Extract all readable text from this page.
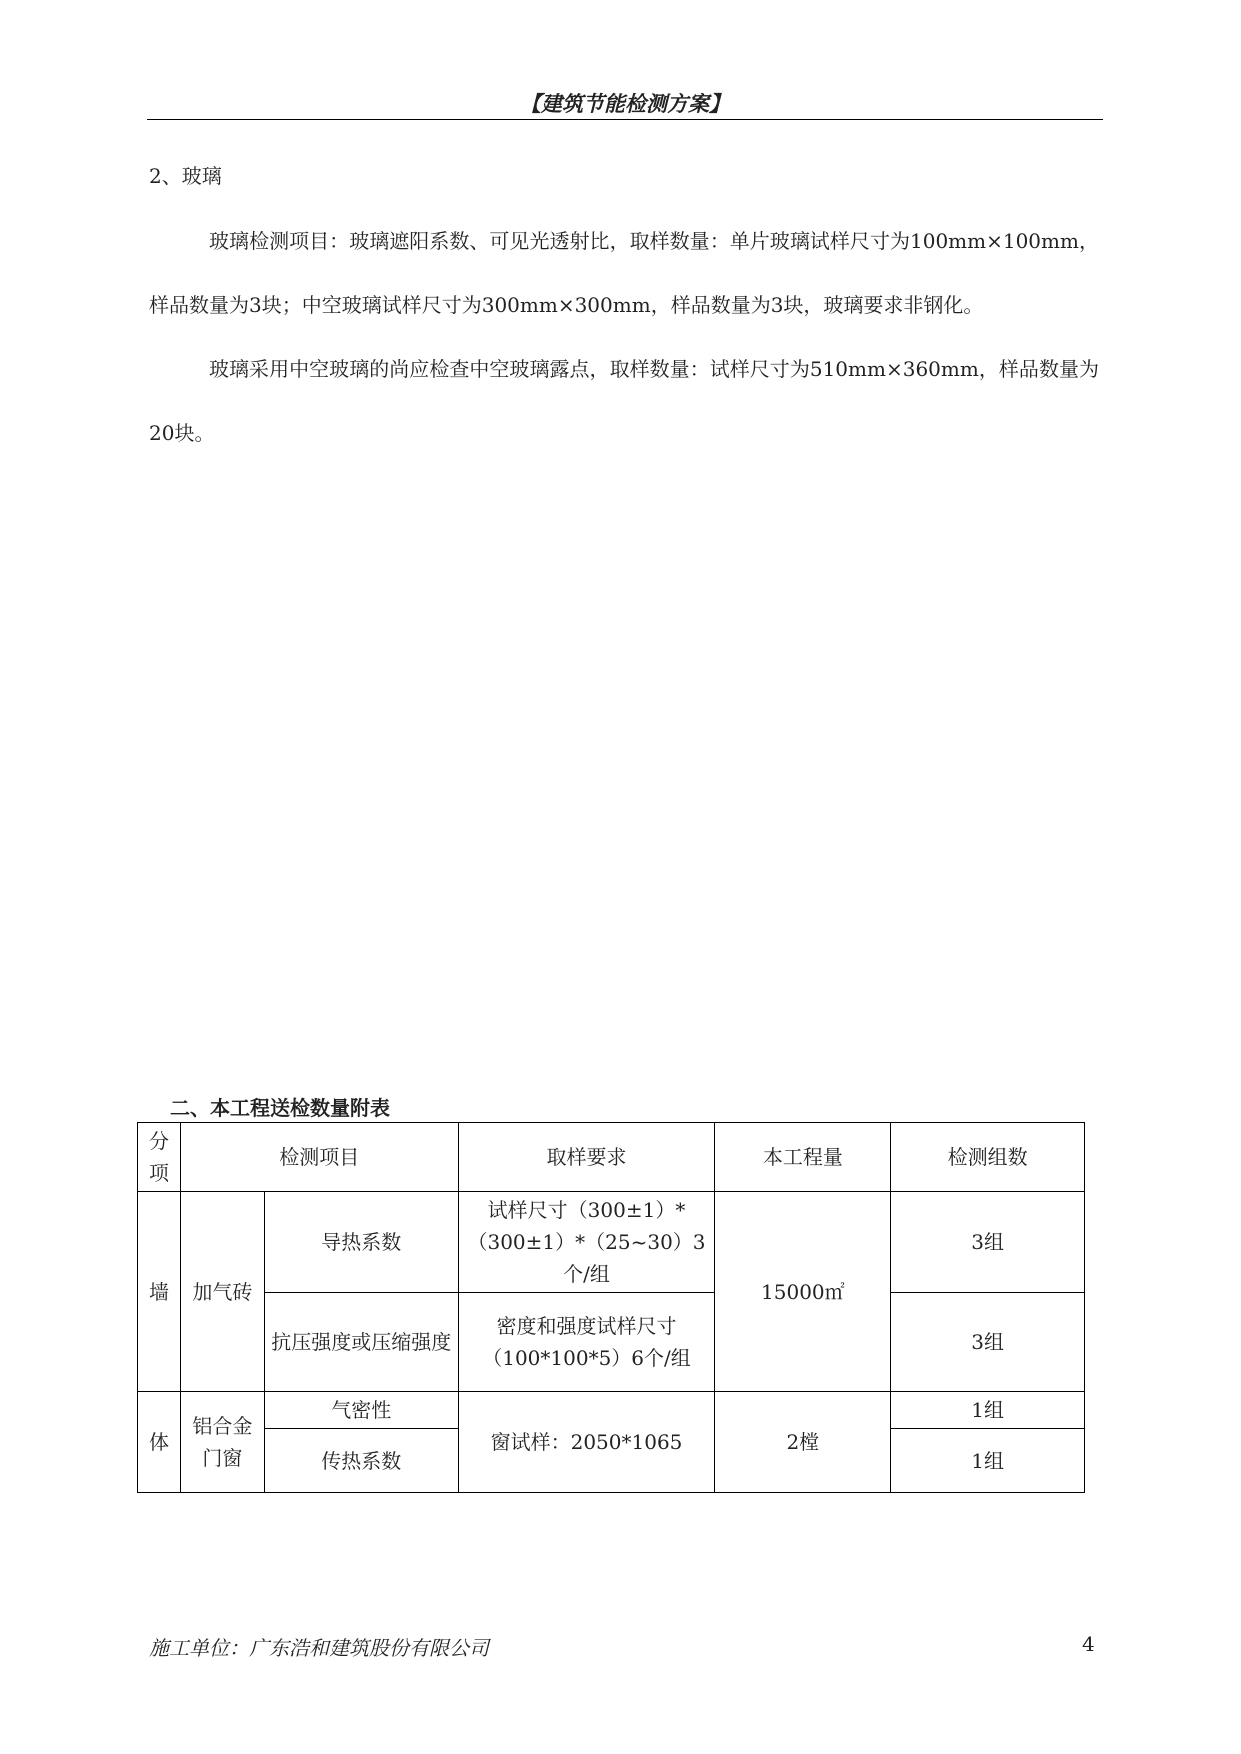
【建筑节能检测方案】
2、玻璃

玻璃检测项目：玻璃遮阳系数、可见光透射比，取样数量：单片玻璃试样尺寸为100mm×100mm，样品数量为3块；中空玻璃试样尺寸为300mm×300mm，样品数量为3块，玻璃要求非钢化。

玻璃采用中空玻璃的尚应检查中空玻璃露点，取样数量：试样尺寸为510mm×360mm，样品数量为20块。

二、本工程送检数量附表
分项	检测项目		取样要求	本工程量	检测组数
墙	加气砖	导热系数	试样尺寸（300±1）*（300±1）*（25~30）3个/组	15000㎡	3组
		抗压强度或压缩强度	密度和强度试样尺寸（100*100*5）6个/组		3组
体	铝合金门窗	气密性	窗试样：2050*1065	2樘	1组
		传热系数			1组
施工单位：广东浩和建筑股份有限公司	4
